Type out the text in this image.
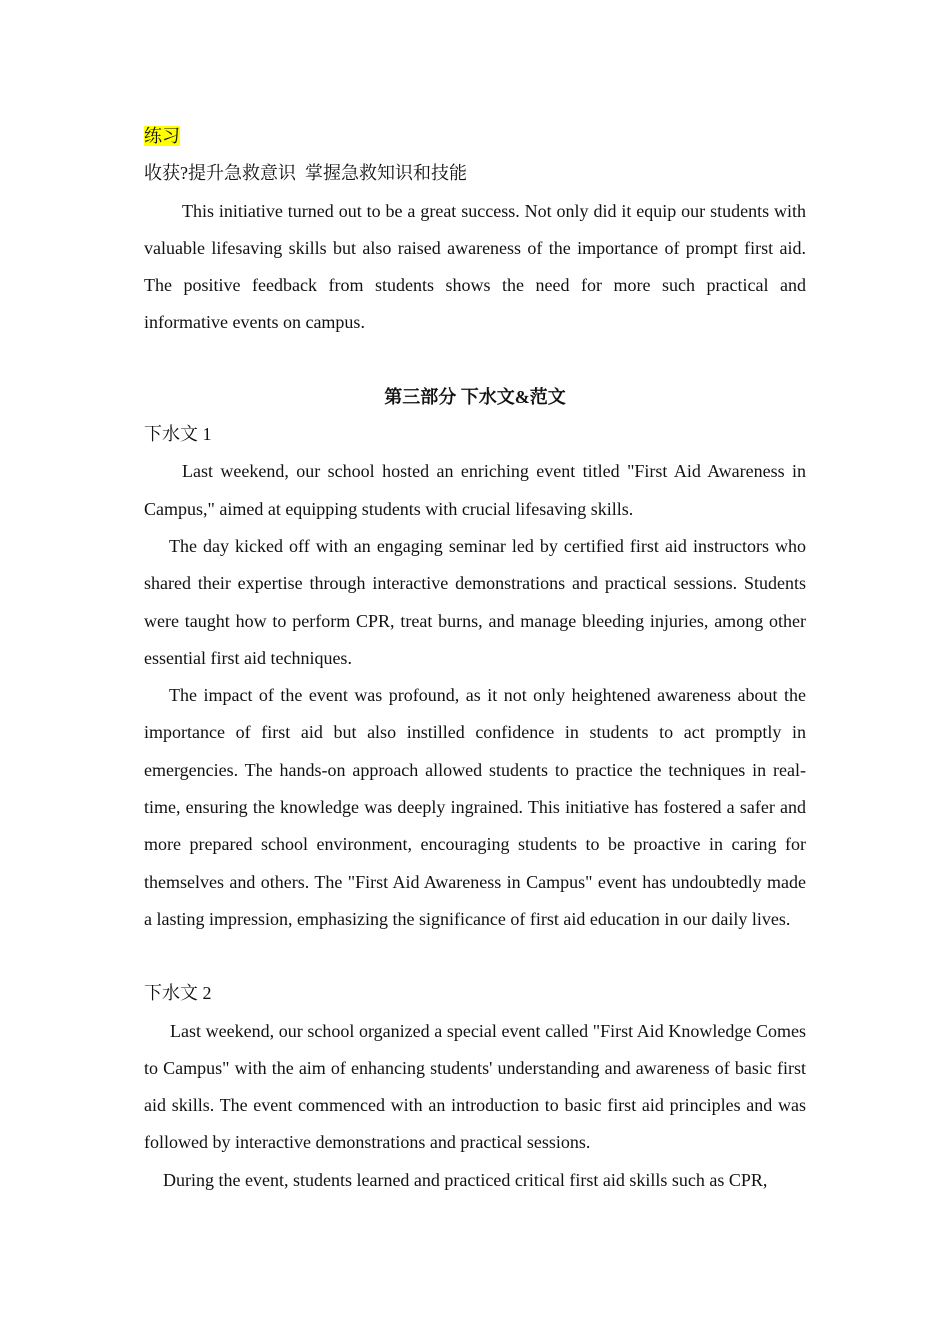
练习

收获?提升急救意识  掌握急救知识和技能

This initiative turned out to be a great success. Not only did it equip our students with valuable lifesaving skills but also raised awareness of the importance of prompt first aid. The positive feedback from students shows the need for more such practical and informative events on campus.

第三部分 下水文&范文

下水文 1

Last weekend, our school hosted an enriching event titled "First Aid Awareness in Campus," aimed at equipping students with crucial lifesaving skills.

The day kicked off with an engaging seminar led by certified first aid instructors who shared their expertise through interactive demonstrations and practical sessions. Students were taught how to perform CPR, treat burns, and manage bleeding injuries, among other essential first aid techniques.

The impact of the event was profound, as it not only heightened awareness about the importance of first aid but also instilled confidence in students to act promptly in emergencies. The hands-on approach allowed students to practice the techniques in real-time, ensuring the knowledge was deeply ingrained. This initiative has fostered a safer and more prepared school environment, encouraging students to be proactive in caring for themselves and others. The "First Aid Awareness in Campus" event has undoubtedly made a lasting impression, emphasizing the significance of first aid education in our daily lives.

下水文 2

Last weekend, our school organized a special event called "First Aid Knowledge Comes to Campus" with the aim of enhancing students' understanding and awareness of basic first aid skills. The event commenced with an introduction to basic first aid principles and was followed by interactive demonstrations and practical sessions.

During the event, students learned and practiced critical first aid skills such as CPR,
